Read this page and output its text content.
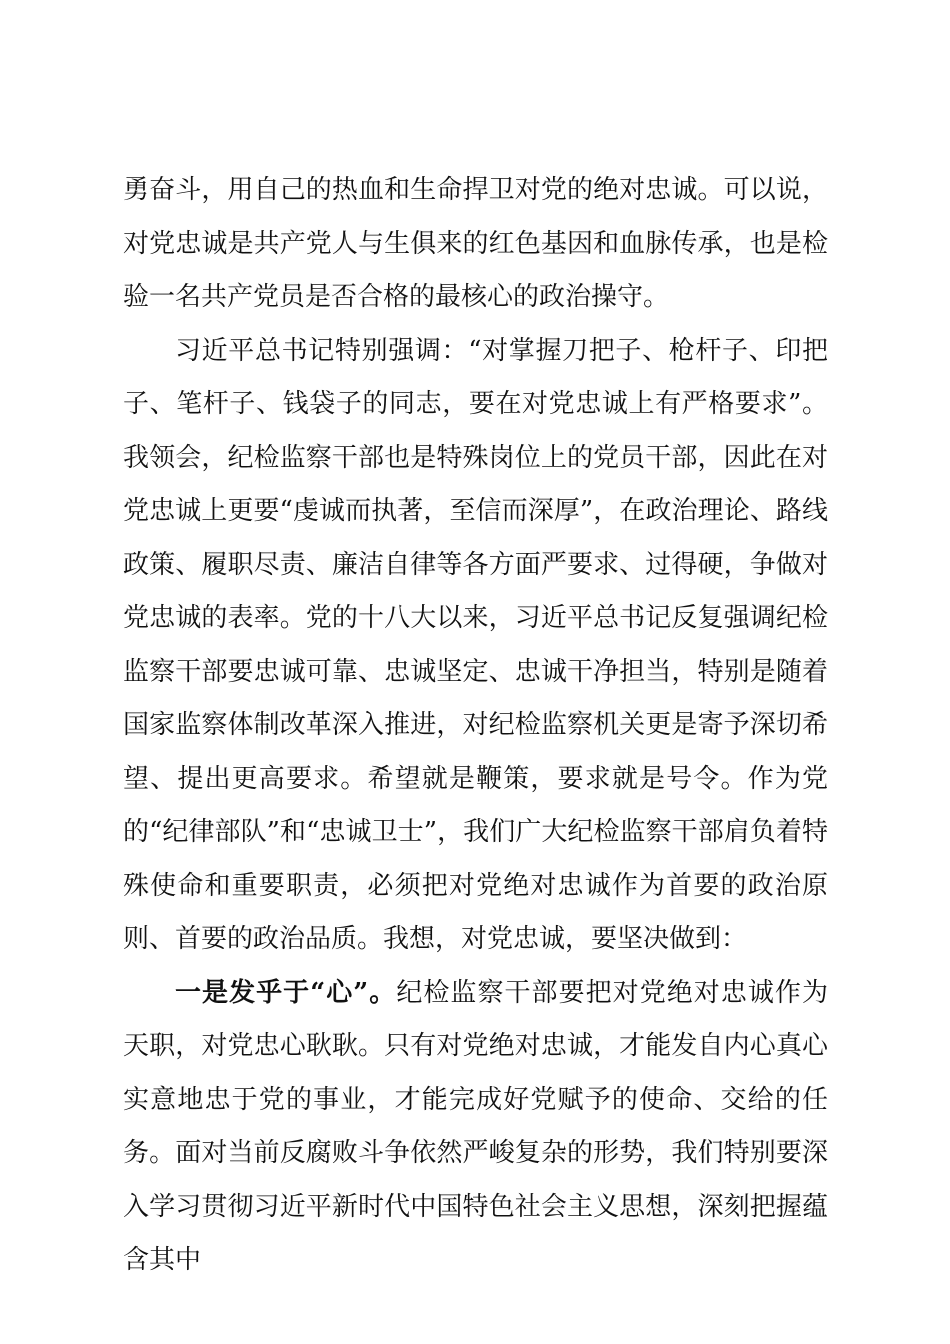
勇奋斗，用自己的热血和生命捍卫对党的绝对忠诚。可以说，对党忠诚是共产党人与生俱来的红色基因和血脉传承，也是检验一名共产党员是否合格的最核心的政治操守。

习近平总书记特别强调：“对掌握刀把子、枪杆子、印把子、笔杆子、钱袋子的同志，要在对党忠诚上有严格要求”。我领会，纪检监察干部也是特殊岗位上的党员干部，因此在对党忠诚上更要“虔诚而执著，至信而深厚”，在政治理论、路线政策、履职尽责、廉洁自律等各方面严要求、过得硬，争做对党忠诚的表率。党的十八大以来，习近平总书记反复强调纪检监察干部要忠诚可靠、忠诚坚定、忠诚干净担当，特别是随着国家监察体制改革深入推进，对纪检监察机关更是寄予深切希望、提出更高要求。希望就是鞭策，要求就是号令。作为党的“纪律部队”和“忠诚卫士”，我们广大纪检监察干部肩负着特殊使命和重要职责，必须把对党绝对忠诚作为首要的政治原则、首要的政治品质。我想，对党忠诚，要坚决做到：

一是发乎于“心”。纪检监察干部要把对党绝对忠诚作为天职，对党忠心耿耿。只有对党绝对忠诚，才能发自内心真心实意地忠于党的事业，才能完成好党赋予的使命、交给的任务。面对当前反腐败斗争依然严峻复杂的形势，我们特别要深入学习贯彻习近平新时代中国特色社会主义思想，深刻把握蕴含其中
